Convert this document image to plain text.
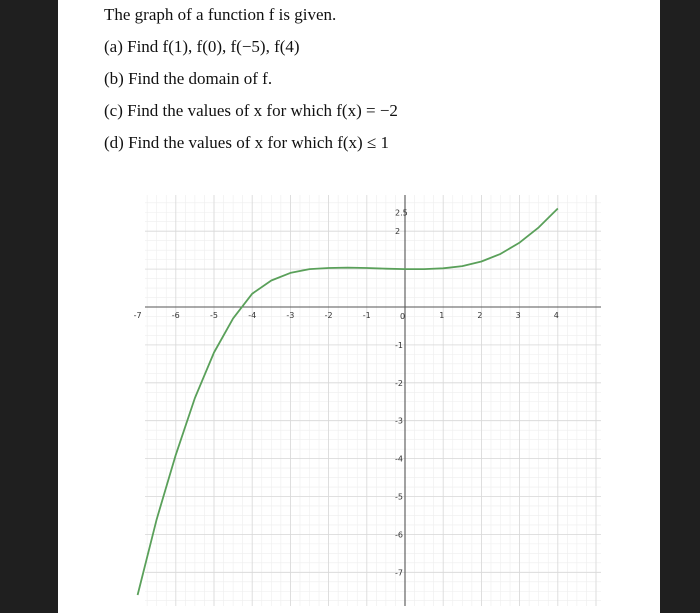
The graph of a function f is given.
(a) Find f(1), f(0), f(−5), f(4)
(b) Find the domain of f.
(c) Find the values of x for which f(x) = −2
(d) Find the values of x for which f(x) ≤ 1
-7	-6	-5	-4	-3	-2	-1	0	1	2	3	4
2.5
2
-1
-2
-3
-4
-5
-6
-7
